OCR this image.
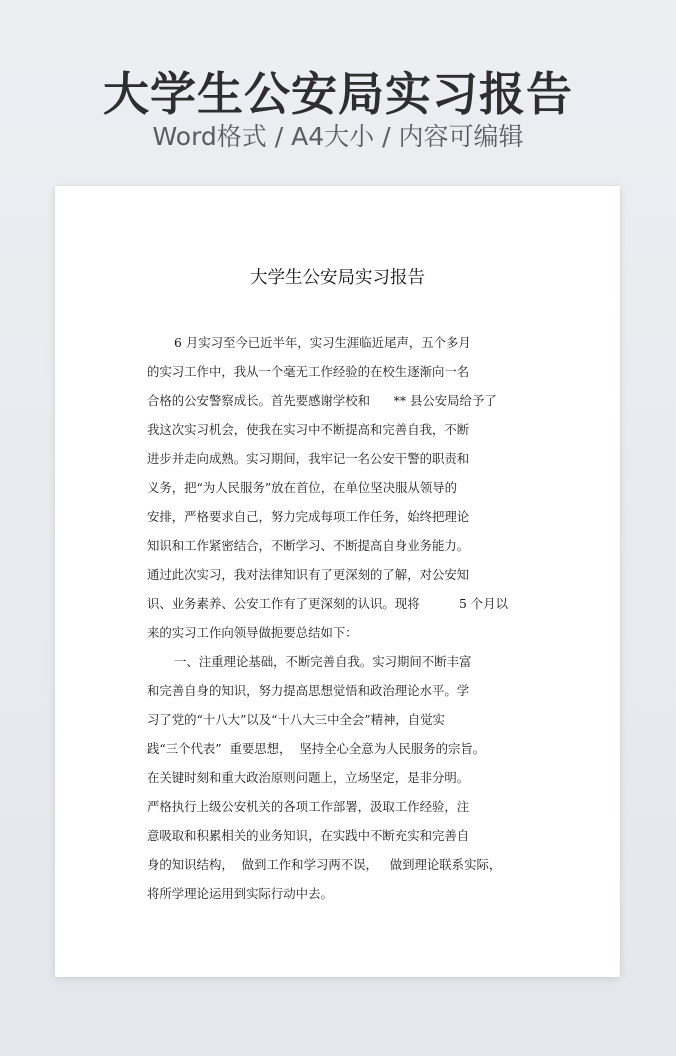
大学生公安局实习报告
Word格式 / A4大小 / 内容可编辑
大学生公安局实习报告
6 月实习至今已近半年，实习生涯临近尾声，五个多月
的实习工作中，我从一个毫无工作经验的在校生逐渐向一名
合格的公安警察成长。首先要感谢学校和      ** 县公安局给予了
我这次实习机会，使我在实习中不断提高和完善自我，不断
进步并走向成熟。实习期间，我牢记一名公安干警的职责和
义务，把“为人民服务”放在首位，在单位坚决服从领导的
安排，严格要求自己，努力完成每项工作任务，始终把理论
知识和工作紧密结合，不断学习、不断提高自身业务能力。
通过此次实习，我对法律知识有了更深刻的了解，对公安知
识、业务素养、公安工作有了更深刻的认识。现将          5 个月以
来的实习工作向领导做扼要总结如下：
一、注重理论基础，不断完善自我。实习期间不断丰富
和完善自身的知识，努力提高思想觉悟和政治理论水平。学
习了党的“十八大”以及“十八大三中全会”精神，自觉实
践“三个代表”  重要思想，  坚持全心全意为人民服务的宗旨。
在关键时刻和重大政治原则问题上，立场坚定，是非分明。
严格执行上级公安机关的各项工作部署，汲取工作经验，注
意吸取和积累相关的业务知识，在实践中不断充实和完善自
身的知识结构，  做到工作和学习两不误，   做到理论联系实际，
将所学理论运用到实际行动中去。
